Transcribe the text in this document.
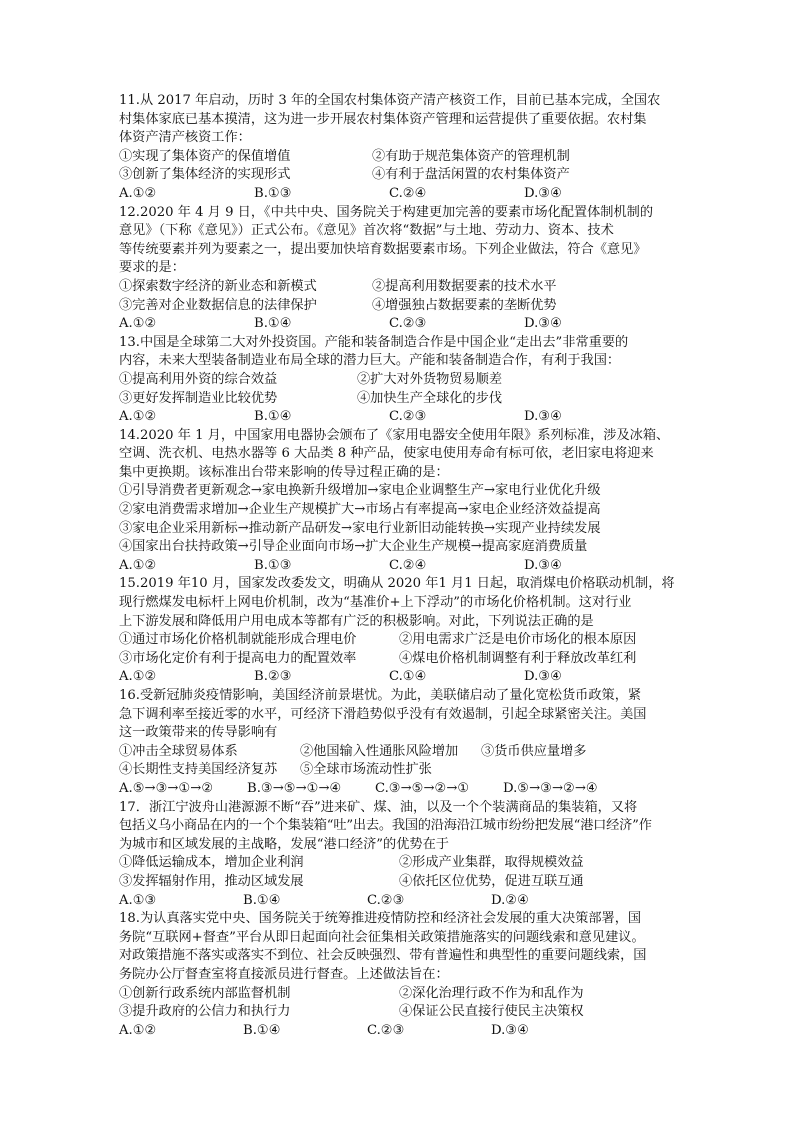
11.从 2017 年启动，历时 3 年的全国农村集体资产清产核资工作，目前已基本完成，全国农
村集体家底已基本摸清，这为进一步开展农村集体资产管理和运营提供了重要依据。农村集
体资产清产核资工作：
①实现了集体资产的保值增值	②有助于规范集体资产的管理机制
③创新了集体经济的实现形式	④有利于盘活闲置的农村集体资产
A.①②	B.①③	C.②④	D.③④
12.2020 年 4 月 9 日，《中共中央、国务院关于构建更加完善的要素市场化配置体制机制的
意见》（下称《意见》）正式公布。《意见》首次将“数据”与土地、劳动力、资本、技术
等传统要素并列为要素之一，提出要加快培育数据要素市场。下列企业做法，符合《意见》
要求的是：
①探索数字经济的新业态和新模式	②提高利用数据要素的技术水平
③完善对企业数据信息的法律保护	④增强独占数据要素的垄断优势
A.①②	B.①④	C.②③	D.③④
13.中国是全球第二大对外投资国。产能和装备制造合作是中国企业“走出去”非常重要的
内容，未来大型装备制造业布局全球的潜力巨大。产能和装备制造合作，有利于我国：
①提高利用外资的综合效益	②扩大对外货物贸易顺差
③更好发挥制造业比较优势	④加快生产全球化的步伐
A.①②	B.①④	C.②③	D.③④
14.2020 年 1 月，中国家用电器协会颁布了《家用电器安全使用年限》系列标准，涉及冰箱、
空调、洗衣机、电热水器等 6 大品类 8 种产品，使家电使用寿命有标可依，老旧家电将迎来
集中更换期。该标准出台带来影响的传导过程正确的是：
①引导消费者更新观念→家电换新升级增加→家电企业调整生产→家电行业优化升级
②家电消费需求增加→企业生产规模扩大→市场占有率提高→家电企业经济效益提高
③家电企业采用新标→推动新产品研发→家电行业新旧动能转换→实现产业持续发展
④国家出台扶持政策→引导企业面向市场→扩大企业生产规模→提高家庭消费质量
A.①②	B.①③	C.②④	D.③④
15.2019 年10 月，国家发改委发文，明确从 2020 年1 月1 日起，取消煤电价格联动机制，将
现行燃煤发电标杆上网电价机制，改为“基准价+上下浮动”的市场化价格机制。这对行业
上下游发展和降低用户用电成本等都有广泛的积极影响。对此，下列说法正确的是
①通过市场化价格机制就能形成合理电价	②用电需求广泛是电价市场化的根本原因
③市场化定价有利于提高电力的配置效率	④煤电价格机制调整有利于释放改革红利
A.①②	B.②③	C.①④	D.③④
16.受新冠肺炎疫情影响，美国经济前景堪忧。为此，美联储启动了量化宽松货币政策，紧
急下调利率至接近零的水平，可经济下滑趋势似乎没有有效遏制，引起全球紧密关注。美国
这一政策带来的传导影响有
①冲击全球贸易体系	②他国输入性通胀风险增加	③货币供应量增多
④长期性支持美国经济复苏	⑤全球市场流动性扩张
A.⑤→③→①→②	B.③→⑤→①→④	C.③→⑤→②→①	D.⑤→③→②→④
17．浙江宁波舟山港源源不断“吞”进来矿、煤、油，以及一个个装满商品的集装箱，又将
包括义乌小商品在内的一个个集装箱“吐”出去。我国的沿海沿江城市纷纷把发展“港口经济”作
为城市和区域发展的主战略，发展“港口经济”的优势在于
①降低运输成本，增加企业利润	②形成产业集群，取得规模效益
③发挥辐射作用，推动区域发展	④依托区位优势，促进互联互通
A.①③	B.①④	C.②③	D.②④
18.为认真落实党中央、国务院关于统筹推进疫情防控和经济社会发展的重大决策部署，国
务院“互联网+督查”平台从即日起面向社会征集相关政策措施落实的问题线索和意见建议。
对政策措施不落实或落实不到位、社会反映强烈、带有普遍性和典型性的重要问题线索，国
务院办公厅督查室将直接派员进行督查。上述做法旨在：
①创新行政系统内部监督机制	②深化治理行政不作为和乱作为
③提升政府的公信力和执行力	④保证公民直接行使民主决策权
A.①②	B.①④	C.②③	D.③④
